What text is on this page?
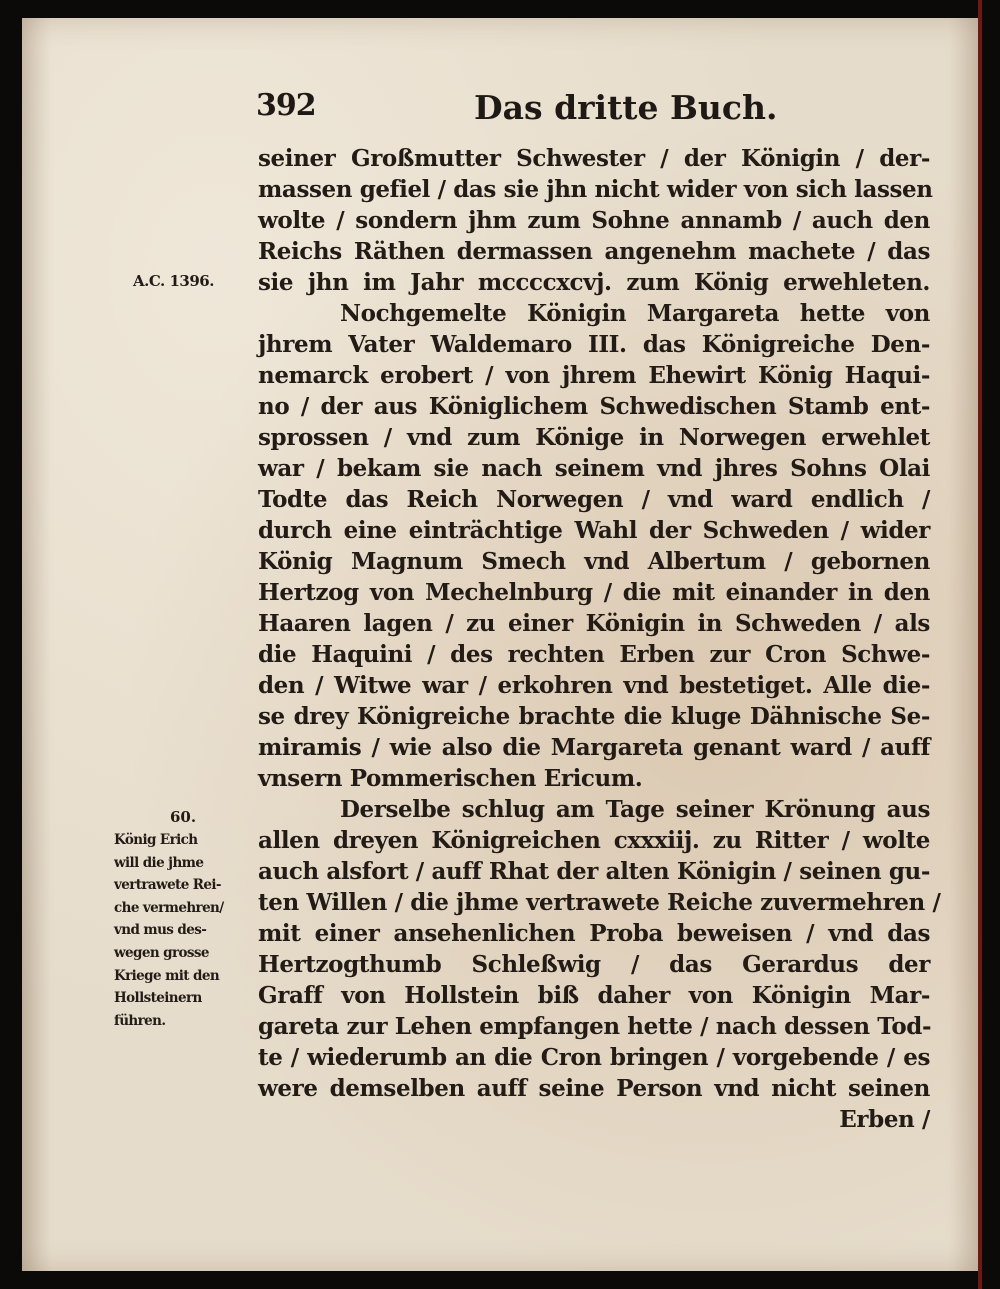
392	Das dritte Buch.
A.C. 1396.
60.
König Erich
will die jhme
vertrawete Rei-
che vermehren/
vnd mus des-
wegen grosse
Kriege mit den
Hollsteinern
führen.
seiner Großmutter Schwester / der Königin / der-
massen gefiel / das sie jhn nicht wider von sich lassen
wolte / sondern jhm zum Sohne annamb / auch den
Reichs Räthen dermassen angenehm machete / das
sie jhn im Jahr mccccxcvj. zum König erwehleten.
Nochgemelte Königin Margareta hette von
jhrem Vater Waldemaro III. das Königreiche Den-
nemarck erobert / von jhrem Ehewirt König Haqui-
no / der aus Königlichem Schwedischen Stamb ent-
sprossen / vnd zum Könige in Norwegen erwehlet
war / bekam sie nach seinem vnd jhres Sohns Olai
Todte das Reich Norwegen / vnd ward endlich /
durch eine einträchtige Wahl der Schweden / wider
König Magnum Smech vnd Albertum / gebornen
Hertzog von Mechelnburg / die mit einander in den
Haaren lagen / zu einer Königin in Schweden / als
die Haquini / des rechten Erben zur Cron Schwe-
den / Witwe war / erkohren vnd bestetiget. Alle die-
se drey Königreiche brachte die kluge Dähnische Se-
miramis / wie also die Margareta genant ward / auff
vnsern Pommerischen Ericum.
Derselbe schlug am Tage seiner Krönung aus
allen dreyen Königreichen cxxxiij. zu Ritter / wolte
auch alsfort / auff Rhat der alten Königin / seinen gu-
ten Willen / die jhme vertrawete Reiche zuvermehren /
mit einer ansehenlichen Proba beweisen / vnd das
Hertzogthumb Schleßwig / das Gerardus der
Graff von Hollstein biß daher von Königin Mar-
gareta zur Lehen empfangen hette / nach dessen Tod-
te / wiederumb an die Cron bringen / vorgebende / es
were demselben auff seine Person vnd nicht seinen
Erben /
